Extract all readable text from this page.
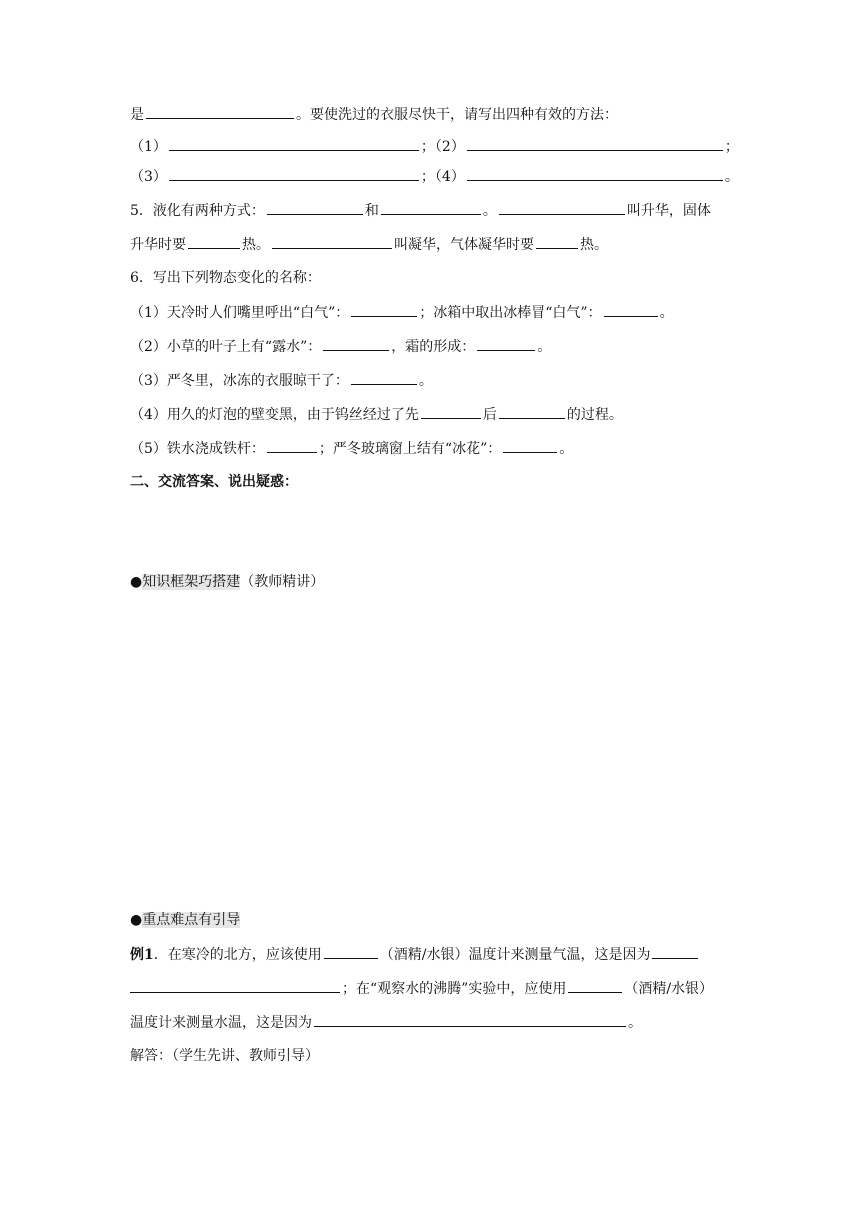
是	。要使洗过的衣服尽快干，请写出四种有效的方法：
（1）	；（2）	；
（3）	；（4）	。
5．液化有两种方式：	和	。	叫升华，固体
升华时要	热。	叫凝华，气体凝华时要	热。
6．写出下列物态变化的名称：
（1）天冷时人们嘴里呼出“白气”：	；冰箱中取出冰棒冒“白气”：	。
（2）小草的叶子上有“露水”：	，霜的形成：	。
（3）严冬里，冰冻的衣服晾干了：	。
（4）用久的灯泡的壁变黑，由于钨丝经过了先	后	的过程。
（5）铁水浇成铁杆：	；严冬玻璃窗上结有“冰花”：	。
二、交流答案、说出疑惑：
●知识框架巧搭建（教师精讲）
●重点难点有引导
例1．在寒冷的北方，应该使用	（酒精/水银）温度计来测量气温，这是因为
；在“观察水的沸腾”实验中，应使用	（酒精/水银）
温度计来测量水温，这是因为	。
解答：（学生先讲、教师引导）
